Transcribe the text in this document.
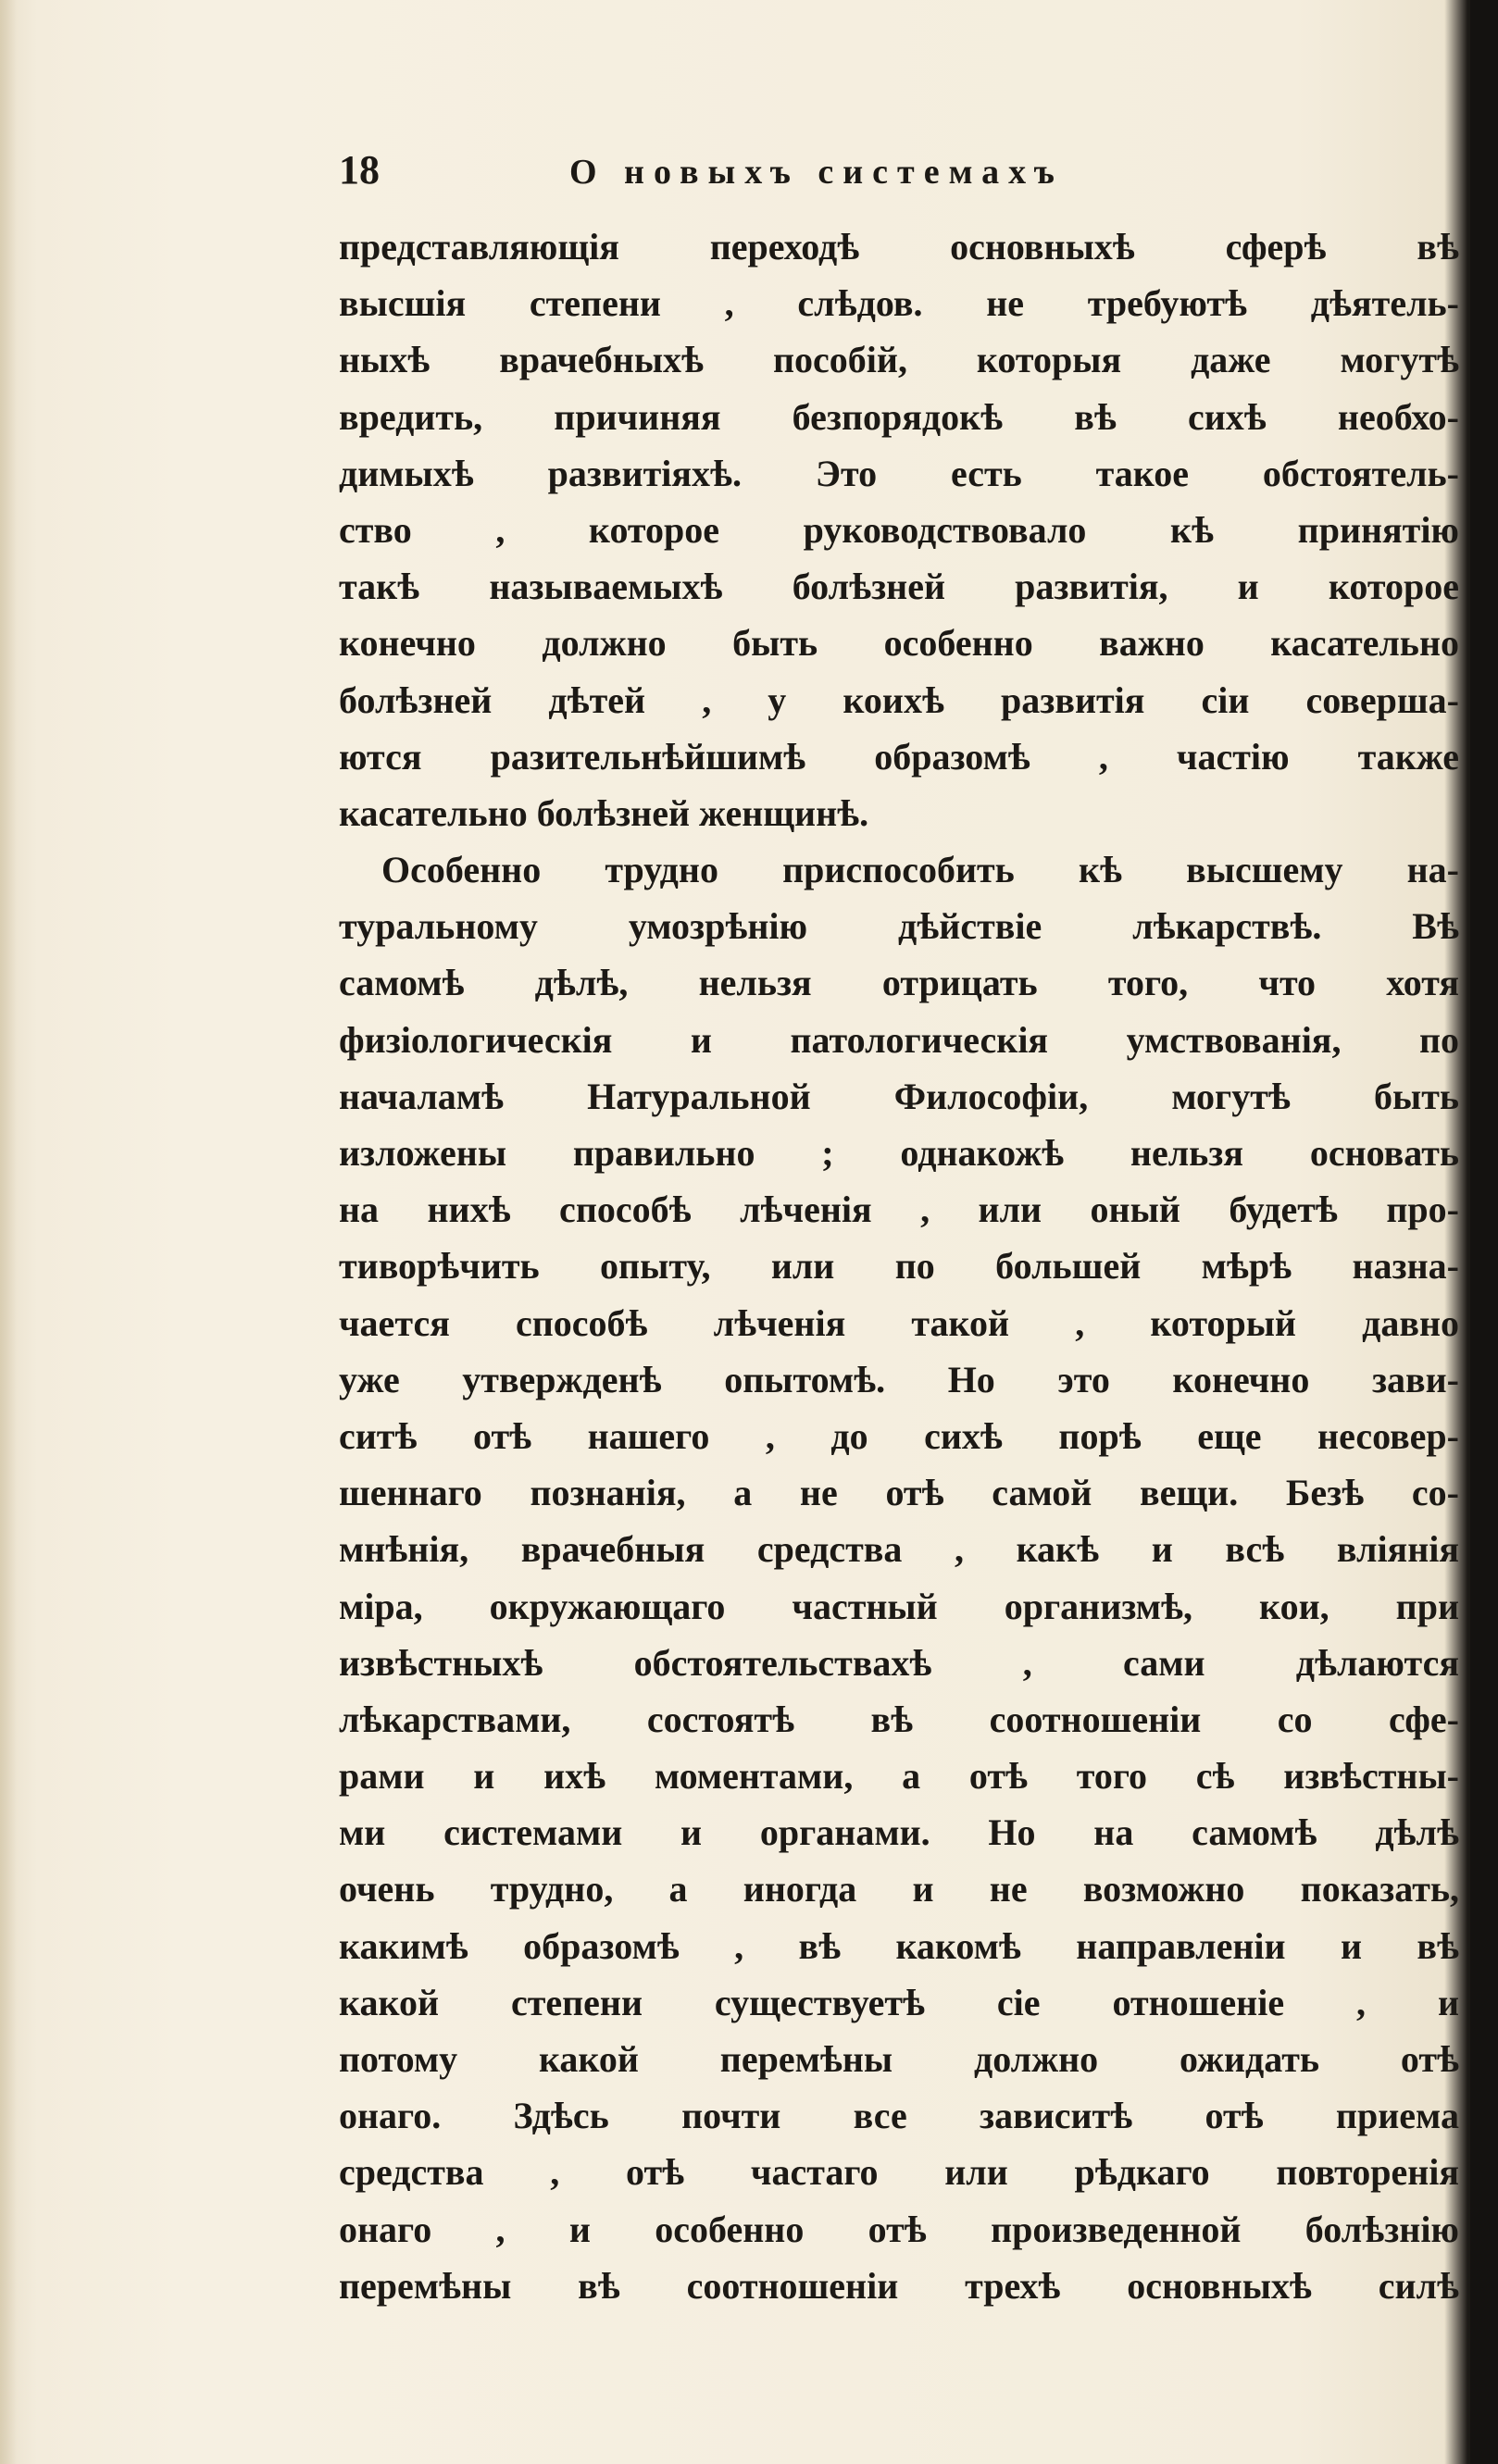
18	О новыхъ системахъ
представляющія переходѣ основныхѣ сферѣ вѣ
высшія степени , слѣдов. не требуютѣ дѣятель-
ныхѣ врачебныхѣ пособій, которыя даже могутѣ
вредить, причиняя безпорядокѣ вѣ сихѣ необхо-
димыхѣ развитіяхѣ. Это есть такое обстоятель-
ство , которое руководствовало кѣ принятію
такѣ называемыхѣ болѣзней развитія, и которое
конечно должно быть особенно важно касательно
болѣзней дѣтей , у коихѣ развитія сіи соверша-
ются разительнѣйшимѣ образомѣ , частію также
касательно болѣзней женщинѣ.
Особенно трудно приспособить кѣ высшему на-
туральному умозрѣнію дѣйствіе лѣкарствѣ. Вѣ
самомѣ дѣлѣ, нельзя отрицать того, что хотя
физіологическія и патологическія умствованія, по
началамѣ Натуральной Философіи, могутѣ быть
изложены правильно ; однакожѣ нельзя основать
на нихѣ способѣ лѣченія , или оный будетѣ про-
тиворѣчить опыту, или по большей мѣрѣ назна-
чается способѣ лѣченія такой , который давно
уже утвержденѣ опытомѣ. Но это конечно зави-
ситѣ отѣ нашего , до сихѣ порѣ еще несовер-
шеннаго познанія, а не отѣ самой вещи. Безѣ со-
мнѣнія, врачебныя средства , какѣ и всѣ вліянія
міра, окружающаго частный организмѣ, кои, при
извѣстныхѣ обстоятельствахѣ , сами дѣлаются
лѣкарствами, состоятѣ вѣ соотношеніи со сфе-
рами и ихѣ моментами, а отѣ того сѣ извѣстны-
ми системами и органами. Но на самомѣ дѣлѣ
очень трудно, а иногда и не возможно показать,
какимѣ образомѣ , вѣ какомѣ направленіи и вѣ
какой степени существуетѣ сіе отношеніе , и
потому какой перемѣны должно ожидать отѣ
онаго. Здѣсь почти все зависитѣ отѣ приема
средства , отѣ частаго или рѣдкаго повторенія
онаго , и особенно отѣ произведенной болѣзнію
перемѣны вѣ соотношеніи трехѣ основныхѣ силѣ
